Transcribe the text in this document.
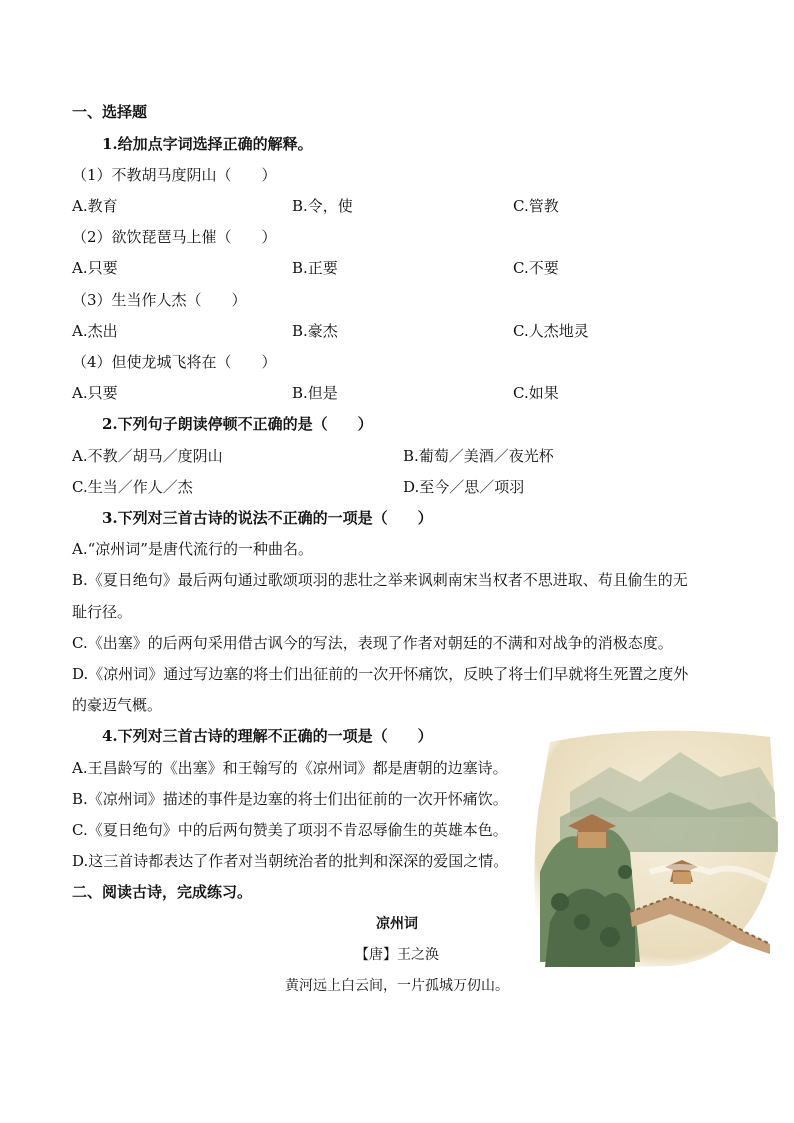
一、选择题
1.给加点字词选择正确的解释。
（1）不教胡马度阴山（　　）
A.教育	B.令，使	C.管教
（2）欲饮琵琶马上催（　　）
A.只要	B.正要	C.不要
（3）生当作人杰（　　）
A.杰出	B.豪杰	C.人杰地灵
（4）但使龙城飞将在（　　）
A.只要	B.但是	C.如果
2.下列句子朗读停顿不正确的是（　　）
A.不教／胡马／度阴山	B.葡萄／美酒／夜光杯
C.生当／作人／杰	D.至今／思／项羽
3.下列对三首古诗的说法不正确的一项是（　　）
A.“凉州词”是唐代流行的一种曲名。
B.《夏日绝句》最后两句通过歌颂项羽的悲壮之举来讽刺南宋当权者不思进取、苟且偷生的无
耻行径。
C.《出塞》的后两句采用借古讽今的写法，表现了作者对朝廷的不满和对战争的消极态度。
D.《凉州词》通过写边塞的将士们出征前的一次开怀痛饮，反映了将士们早就将生死置之度外
的豪迈气概。
4.下列对三首古诗的理解不正确的一项是（　　）
A.王昌龄写的《出塞》和王翰写的《凉州词》都是唐朝的边塞诗。
B.《凉州词》描述的事件是边塞的将士们出征前的一次开怀痛饮。
C.《夏日绝句》中的后两句赞美了项羽不肯忍辱偷生的英雄本色。
D.这三首诗都表达了作者对当朝统治者的批判和深深的爱国之情。
二、阅读古诗，完成练习。
凉州词
【唐】王之涣
黄河远上白云间，一片孤城万仞山。
